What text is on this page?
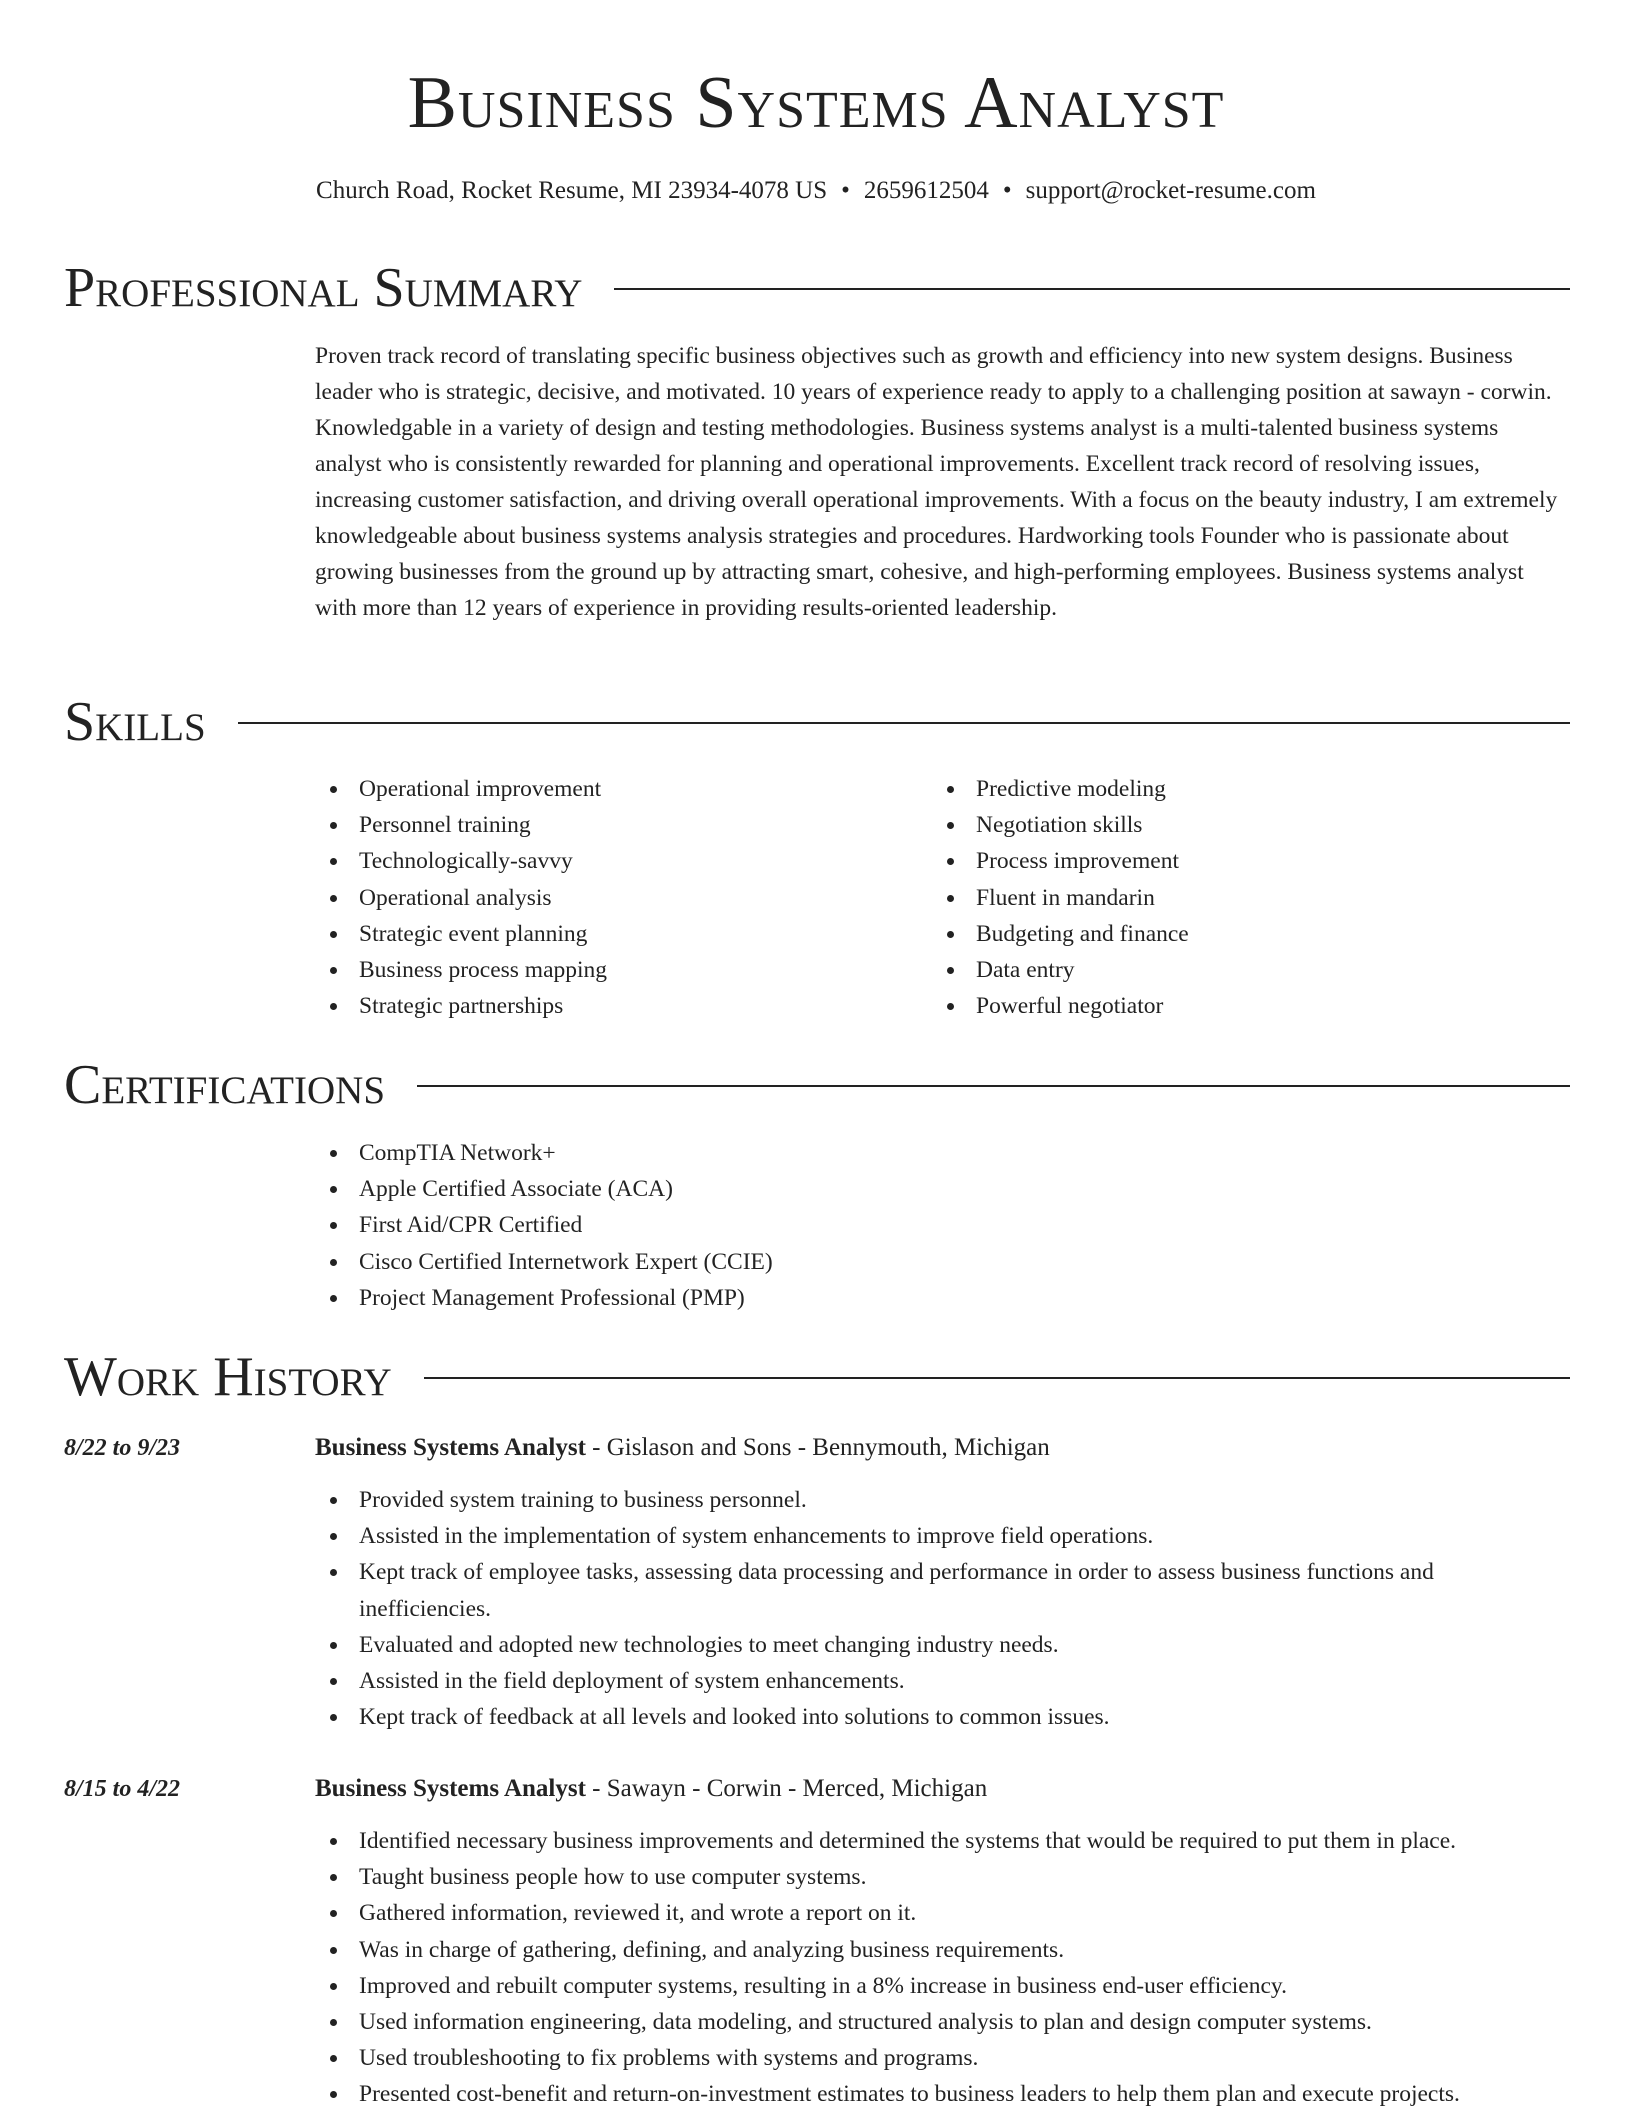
Business Systems Analyst
Church Road, Rocket Resume, MI 23934-4078 US • 2659612504 • support@rocket-resume.com
Professional Summary

Proven track record of translating specific business objectives such as growth and efficiency into new system designs. Business leader who is strategic, decisive, and motivated. 10 years of experience ready to apply to a challenging position at sawayn - corwin. Knowledgable in a variety of design and testing methodologies. Business systems analyst is a multi-talented business systems analyst who is consistently rewarded for planning and operational improvements. Excellent track record of resolving issues, increasing customer satisfaction, and driving overall operational improvements. With a focus on the beauty industry, I am extremely knowledgeable about business systems analysis strategies and procedures. Hardworking tools Founder who is passionate about growing businesses from the ground up by attracting smart, cohesive, and high-performing employees. Business systems analyst with more than 12 years of experience in providing results-oriented leadership.

Skills
Operational improvement
Personnel training
Technologically-savvy
Operational analysis
Strategic event planning
Business process mapping
Strategic partnerships
Predictive modeling
Negotiation skills
Process improvement
Fluent in mandarin
Budgeting and finance
Data entry
Powerful negotiator
Certifications
CompTIA Network+
Apple Certified Associate (ACA)
First Aid/CPR Certified
Cisco Certified Internetwork Expert (CCIE)
Project Management Professional (PMP)
Work History
8/22 to 9/23	Business Systems Analyst - Gislason and Sons - Bennymouth, Michigan
Provided system training to business personnel.
Assisted in the implementation of system enhancements to improve field operations.
Kept track of employee tasks, assessing data processing and performance in order to assess business functions and inefficiencies.
Evaluated and adopted new technologies to meet changing industry needs.
Assisted in the field deployment of system enhancements.
Kept track of feedback at all levels and looked into solutions to common issues.
8/15 to 4/22	Business Systems Analyst - Sawayn - Corwin - Merced, Michigan
Identified necessary business improvements and determined the systems that would be required to put them in place.
Taught business people how to use computer systems.
Gathered information, reviewed it, and wrote a report on it.
Was in charge of gathering, defining, and analyzing business requirements.
Improved and rebuilt computer systems, resulting in a 8% increase in business end-user efficiency.
Used information engineering, data modeling, and structured analysis to plan and design computer systems.
Used troubleshooting to fix problems with systems and programs.
Presented cost-benefit and return-on-investment estimates to business leaders to help them plan and execute projects.
